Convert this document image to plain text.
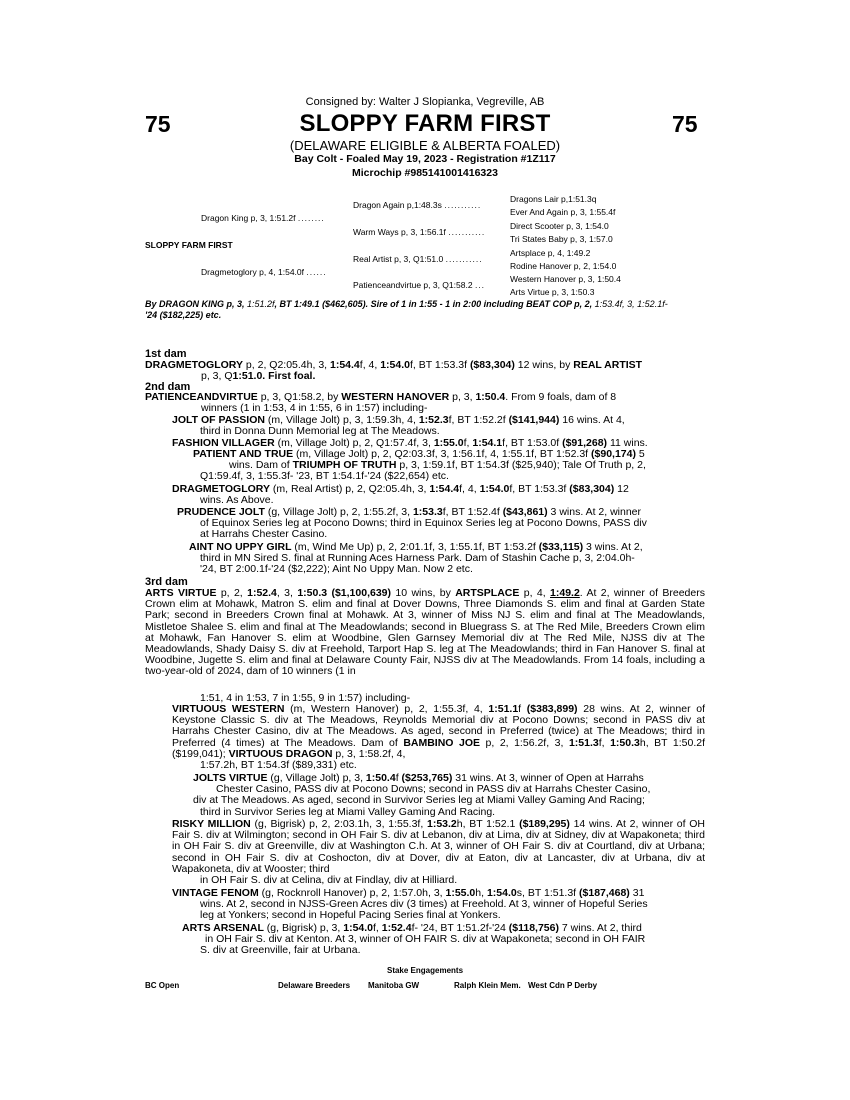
Consigned by: Walter J Slopianka, Vegreville, AB
75	75
SLOPPY FARM FIRST
(DELAWARE ELIGIBLE & ALBERTA FOALED)
Bay Colt - Foaled May 19, 2023 - Registration #1Z117
Microchip #985141001416323
SLOPPY FARM FIRST
Dragon King p, 3, 1:51.2f ........
Dragmetoglory p, 4, 1:54.0f ......
Dragon Again p,1:48.3s ...........
Warm Ways p, 3, 1:56.1f ...........
Real Artist p, 3, Q1:51.0 ...........
Patienceandvirtue p, 3, Q1:58.2 ...
Dragons Lair p,1:51.3q
Ever And Again p, 3, 1:55.4f
Direct Scooter p, 3, 1:54.0
Tri States Baby p, 3, 1:57.0
Artsplace p, 4, 1:49.2
Rodine Hanover p, 2, 1:54.0
Western Hanover p, 3, 1:50.4
Arts Virtue p, 3, 1:50.3
By DRAGON KING p, 3, 1:51.2f, BT 1:49.1 ($462,605). Sire of 1 in 1:55 - 1 in 2:00 including BEAT COP p, 2, 1:53.4f, 3, 1:52.1f-
'24 ($182,225) etc.
1st dam
DRAGMETOGLORY p, 2, Q2:05.4h, 3, 1:54.4f, 4, 1:54.0f, BT 1:53.3f ($83,304) 12 wins, by REAL ARTIST
p, 3, Q1:51.0. First foal.
2nd dam
PATIENCEANDVIRTUE p, 3, Q1:58.2, by WESTERN HANOVER p, 3, 1:50.4. From 9 foals, dam of 8
winners (1 in 1:53, 4 in 1:55, 6 in 1:57) including-
JOLT OF PASSION (m, Village Jolt) p, 3, 1:59.3h, 4, 1:52.3f, BT 1:52.2f ($141,944) 16 wins. At 4,
third in Donna Dunn Memorial leg at The Meadows.
FASHION VILLAGER (m, Village Jolt) p, 2, Q1:57.4f, 3, 1:55.0f, 1:54.1f, BT 1:53.0f ($91,268) 11 wins.
PATIENT AND TRUE (m, Village Jolt) p, 2, Q2:03.3f, 3, 1:56.1f, 4, 1:55.1f, BT 1:52.3f ($90,174) 5
wins. Dam of TRIUMPH OF TRUTH p, 3, 1:59.1f, BT 1:54.3f ($25,940); Tale Of Truth p, 2,
Q1:59.4f, 3, 1:55.3f- '23, BT 1:54.1f-'24 ($22,654) etc.
DRAGMETOGLORY (m, Real Artist) p, 2, Q2:05.4h, 3, 1:54.4f, 4, 1:54.0f, BT 1:53.3f ($83,304) 12
wins. As Above.
PRUDENCE JOLT (g, Village Jolt) p, 2, 1:55.2f, 3, 1:53.3f, BT 1:52.4f ($43,861) 3 wins. At 2, winner
of Equinox Series leg at Pocono Downs; third in Equinox Series leg at Pocono Downs, PASS div
at Harrahs Chester Casino.
AINT NO UPPY GIRL (m, Wind Me Up) p, 2, 2:01.1f, 3, 1:55.1f, BT 1:53.2f ($33,115) 3 wins. At 2,
third in MN Sired S. final at Running Aces Harness Park. Dam of Stashin Cache p, 3, 2:04.0h-
'24, BT 2:00.1f-'24 ($2,222); Aint No Uppy Man. Now 2 etc.
3rd dam
ARTS VIRTUE p, 2, 1:52.4, 3, 1:50.3 ($1,100,639) 10 wins, by ARTSPLACE p, 4, 1:49.2. At 2, winner of Breeders Crown elim at Mohawk, Matron S. elim and final at Dover Downs, Three Diamonds S. elim and final at Garden State Park; second in Breeders Crown final at Mohawk. At 3, winner of Miss NJ S. elim and final at The Meadowlands, Mistletoe Shalee S. elim and final at The Meadowlands; second in Bluegrass S. at The Red Mile, Breeders Crown elim at Mohawk, Fan Hanover S. elim at Woodbine, Glen Garnsey Memorial div at The Red Mile, NJSS div at The Meadowlands, Shady Daisy S. div at Freehold, Tarport Hap S. leg at The Meadowlands; third in Fan Hanover S. final at Woodbine, Jugette S. elim and final at Delaware County Fair, NJSS div at The Meadowlands. From 14 foals, including a two-year-old of 2024, dam of 10 winners (1 in
1:51, 4 in 1:53, 7 in 1:55, 9 in 1:57) including-
VIRTUOUS WESTERN (m, Western Hanover) p, 2, 1:55.3f, 4, 1:51.1f ($383,899) 28 wins. At 2, winner of Keystone Classic S. div at The Meadows, Reynolds Memorial div at Pocono Downs; second in PASS div at Harrahs Chester Casino, div at The Meadows. As aged, second in Preferred (twice) at The Meadows; third in Preferred (4 times) at The Meadows. Dam of BAMBINO JOE p, 2, 1:56.2f, 3, 1:51.3f, 1:50.3h, BT 1:50.2f ($199,041); VIRTUOUS DRAGON p, 3, 1:58.2f, 4,
1:57.2h, BT 1:54.3f ($89,331) etc.
JOLTS VIRTUE (g, Village Jolt) p, 3, 1:50.4f ($253,765) 31 wins. At 3, winner of Open at Harrahs
Chester Casino, PASS div at Pocono Downs; second in PASS div at Harrahs Chester Casino,
div at The Meadows. As aged, second in Survivor Series leg at Miami Valley Gaming And Racing;
third in Survivor Series leg at Miami Valley Gaming And Racing.
RISKY MILLION (g, Bigrisk) p, 2, 2:03.1h, 3, 1:55.3f, 1:53.2h, BT 1:52.1 ($189,295) 14 wins. At 2, winner of OH Fair S. div at Wilmington; second in OH Fair S. div at Lebanon, div at Lima, div at Sidney, div at Wapakoneta; third in OH Fair S. div at Greenville, div at Washington C.h. At 3, winner of OH Fair S. div at Courtland, div at Urbana; second in OH Fair S. div at Coshocton, div at Dover, div at Eaton, div at Lancaster, div at Urbana, div at Wapakoneta, div at Wooster; third
in OH Fair S. div at Celina, div at Findlay, div at Hilliard.
VINTAGE FENOM (g, Rocknroll Hanover) p, 2, 1:57.0h, 3, 1:55.0h, 1:54.0s, BT 1:51.3f ($187,468) 31
wins. At 2, second in NJSS-Green Acres div (3 times) at Freehold. At 3, winner of Hopeful Series
leg at Yonkers; second in Hopeful Pacing Series final at Yonkers.
ARTS ARSENAL (g, Bigrisk) p, 3, 1:54.0f, 1:52.4f- '24, BT 1:51.2f-'24 ($118,756) 7 wins. At 2, third
in OH Fair S. div at Kenton. At 3, winner of OH FAIR S. div at Wapakoneta; second in OH FAIR
S. div at Greenville, fair at Urbana.
Stake Engagements
BC Open	Delaware Breeders Manitoba GW	Ralph Klein Mem. West Cdn P Derby
